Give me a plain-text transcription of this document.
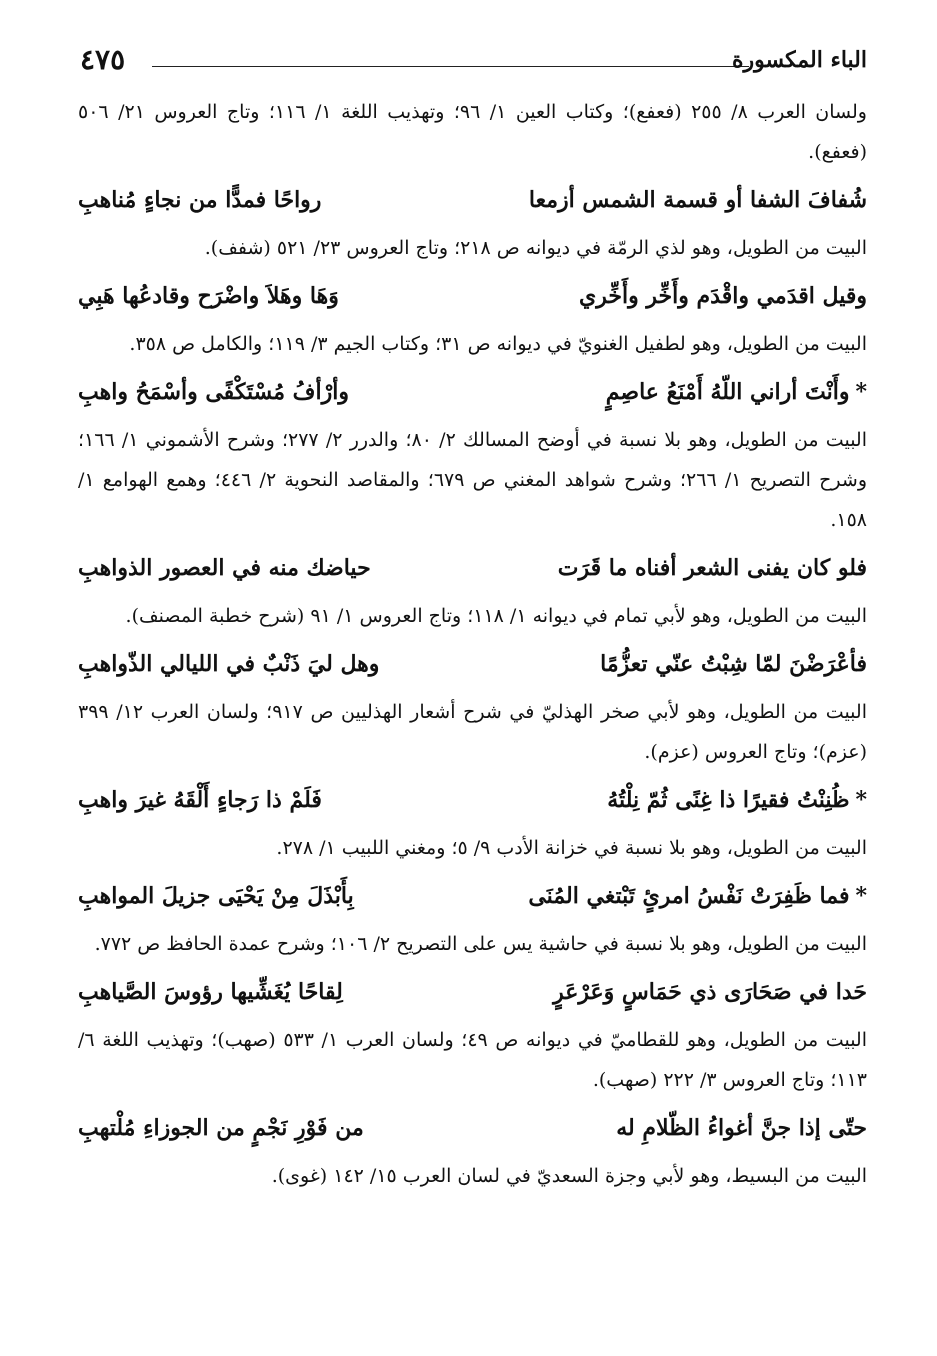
٤٧٥	الباء المكسورة

ولسان العرب ٨/ ٢٥٥ (فعفع)؛ وكتاب العين ١/ ٩٦؛ وتهذيب اللغة ١/ ١١٦؛ وتاج العروس ٢١/ ٥٠٦ (فعفع).

شُفافَ الشفا أو قسمة الشمس أزمعا
رواحًا فمدًّا من نجاءٍ مُناهبِ

البيت من الطويل، وهو لذي الرمّة في ديوانه ص ٢١٨؛ وتاج العروس ٢٣/ ٥٢١ (شفف).

وقيل اقدَمي واقْدَم وأَخِّر وأَخِّري
وَهَا وهَلاَ واضْرَح وقادعُها هَبِي

البيت من الطويل، وهو لطفيل الغنويّ في ديوانه ص ٣١؛ وكتاب الجيم ٣/ ١١٩؛ والكامل ص ٣٥٨.

*وأَنْتَ أراني اللّهُ أَمْنَعُ عاصِمٍ
وأرْأفُ مُسْتَكْفًى وأسْمَحُ واهبِ

البيت من الطويل، وهو بلا نسبة في أوضح المسالك ٢/ ٨٠؛ والدرر ٢/ ٢٧٧؛ وشرح الأشموني ١/ ١٦٦؛ وشرح التصريح ١/ ٢٦٦؛ وشرح شواهد المغني ص ٦٧٩؛ والمقاصد النحوية ٢/ ٤٤٦؛ وهمع الهوامع ١/ ١٥٨.

فلو كان يفنى الشعر أفناه ما قَرَت
حياضك منه في العصور الذواهبِ

البيت من الطويل، وهو لأبي تمام في ديوانه ١/ ١١٨؛ وتاج العروس ١/ ٩١ (شرح خطبة المصنف).

فأعْرَضْنَ لمّا شِبْتُ عنّي تعزُّمًا
وهل ليَ ذَنْبٌ في الليالي الذّواهبِ

البيت من الطويل، وهو لأبي صخر الهذليّ في شرح أشعار الهذليين ص ٩١٧؛ ولسان العرب ١٢/ ٣٩٩ (عزم)؛ وتاج العروس (عزم).

*ظُنِنْتُ فقيرًا ذا غِنًى ثُمّ نِلْتُهُ
فَلَمْ ذا رَجاءٍ أَلْقَهُ غيرَ واهبِ

البيت من الطويل، وهو بلا نسبة في خزانة الأدب ٩/ ٥؛ ومغني اللبيب ١/ ٢٧٨.

*فما ظَفِرَتْ نَفْسُ امرئٍ تَبْتغي المُنَى
بِأَبْذَلَ مِنْ يَحْيَى جزيلَ المواهبِ

البيت من الطويل، وهو بلا نسبة في حاشية يس على التصريح ٢/ ١٠٦؛ وشرح عمدة الحافظ ص ٧٧٢.

حَدا في صَحَارَى ذي حَمَاسٍ وَعَرْعَرٍ
لِقاحًا يُغَشِّيها رؤوسَ الصَّياهبِ

البيت من الطويل، وهو للقطاميّ في ديوانه ص ٤٩؛ ولسان العرب ١/ ٥٣٣ (صهب)؛ وتهذيب اللغة ٦/ ١١٣؛ وتاج العروس ٣/ ٢٢٢ (صهب).

حتّى إذا جنَّ أغواءُ الظّلامِ له
من فَوْرِ نَجْمٍ من الجوزاءِ مُلْتهبِ

البيت من البسيط، وهو لأبي وجزة السعديّ في لسان العرب ١٥/ ١٤٢ (غوى).
